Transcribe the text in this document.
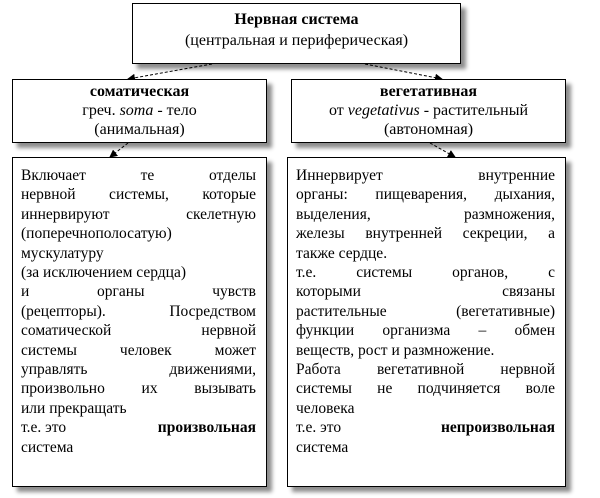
Нервная система
(центральная и периферическая)
соматическая
греч. soma - тело
(анимальная)
вегетативная
от vegetativus - растительный
(автономная)
Включает те отделы
нервной системы, которые
иннервируют скелетную
(поперечнополосатую)
мускулатуру
(за исключением сердца)
и органы чувств
(рецепторы). Посредством
соматической нервной
системы человек может
управлять движениями,
произвольно их вызывать
или прекращать
т.е. это	произвольная
система
Иннервирует внутренние
органы: пищеварения, дыхания,
выделения, размножения,
железы внутренней секреции, а
также сердце.
т.е. системы органов, с
которыми связаны
растительные (вегетативные)
функции организма – обмен
веществ, рост и размножение.
Работа вегетативной нервной
системы не подчиняется воле
человека
т.е. это	непроизвольная
система
